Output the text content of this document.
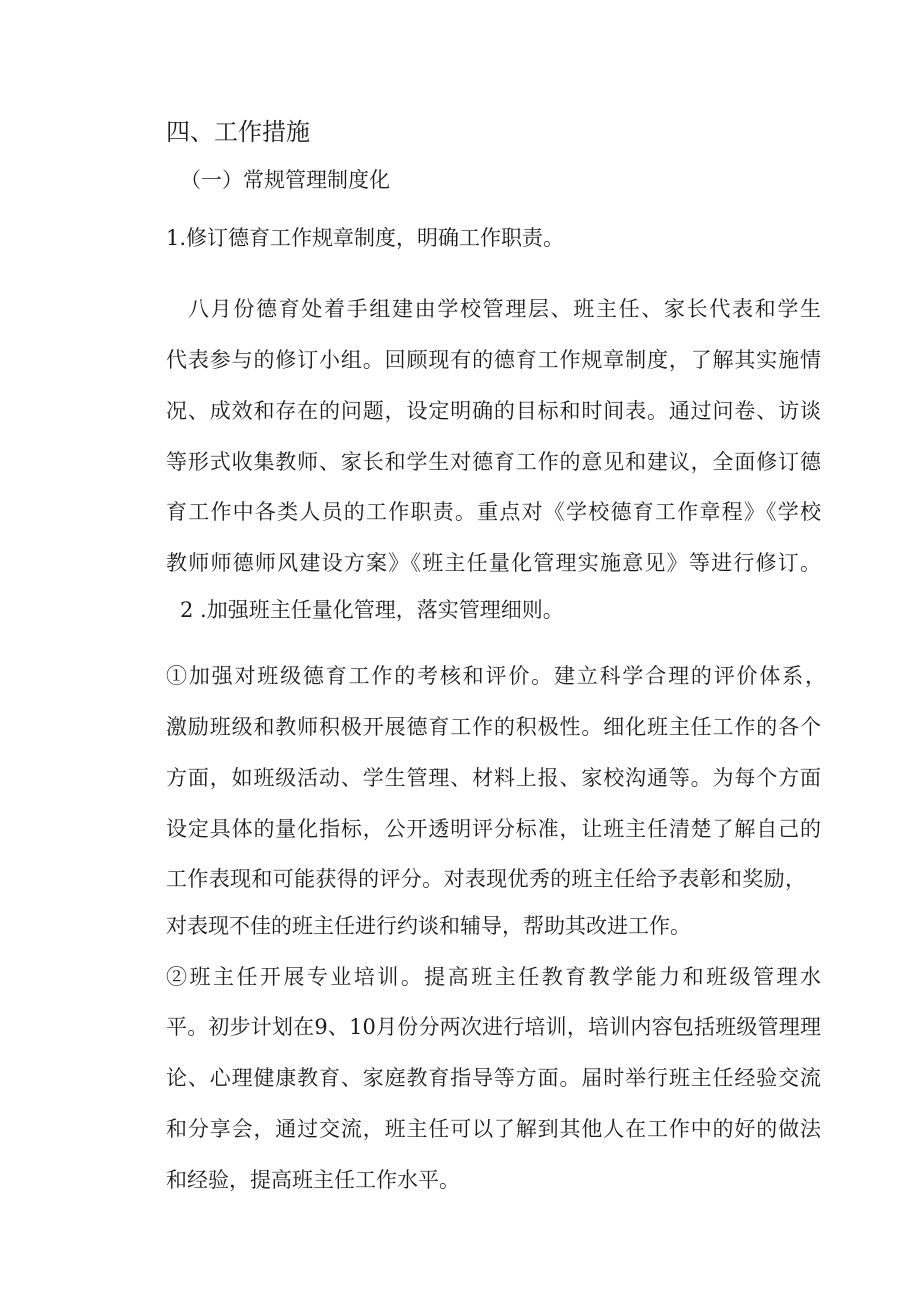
四、工作措施
（一）常规管理制度化
1.修订德育工作规章制度，明确工作职责。
八月份德育处着手组建由学校管理层、班主任、家长代表和学生
代表参与的修订小组。回顾现有的德育工作规章制度，了解其实施情
况、成效和存在的问题，设定明确的目标和时间表。通过问卷、访谈
等形式收集教师、家长和学生对德育工作的意见和建议，全面修订德
育工作中各类人员的工作职责。重点对《学校德育工作章程》《学校
教师师德师风建设方案》《班主任量化管理实施意见》等进行修订。
2 .加强班主任量化管理，落实管理细则。
①加强对班级德育工作的考核和评价。建立科学合理的评价体系，
激励班级和教师积极开展德育工作的积极性。细化班主任工作的各个
方面，如班级活动、学生管理、材料上报、家校沟通等。为每个方面
设定具体的量化指标，公开透明评分标准，让班主任清楚了解自己的
工作表现和可能获得的评分。对表现优秀的班主任给予表彰和奖励，
对表现不佳的班主任进行约谈和辅导，帮助其改进工作。
②班主任开展专业培训。提高班主任教育教学能力和班级管理水
平。初步计划在9、10月份分两次进行培训，培训内容包括班级管理理
论、心理健康教育、家庭教育指导等方面。届时举行班主任经验交流
和分享会，通过交流，班主任可以了解到其他人在工作中的好的做法
和经验，提高班主任工作水平。
